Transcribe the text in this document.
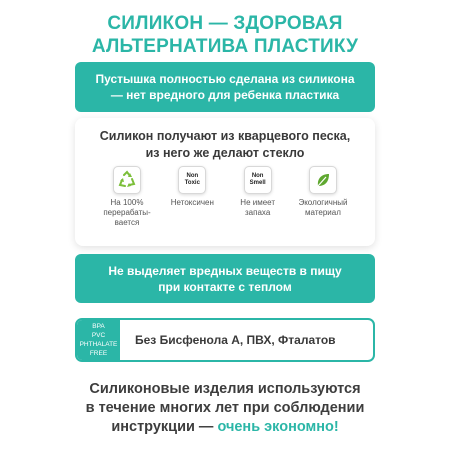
СИЛИКОН — ЗДОРОВАЯ
АЛЬТЕРНАТИВА ПЛАСТИКУ
Пустышка полностью сделана из силикона
— нет вредного для ребенка пластика
Силикон получают из кварцевого песка,
из него же делают стекло
На 100%
перерабаты-
вается
Non
Toxic
Нетоксичен
Non
Smell
Не имеет
запаха
Экологичный
материал
Не выделяет вредных веществ в пищу
при контакте с теплом
BPA
PVC
PHTHALATE
FREE
Без Бисфенола А, ПВХ, Фталатов
Силиконовые изделия используются
в течение многих лет при соблюдении
инструкции — очень экономно!
